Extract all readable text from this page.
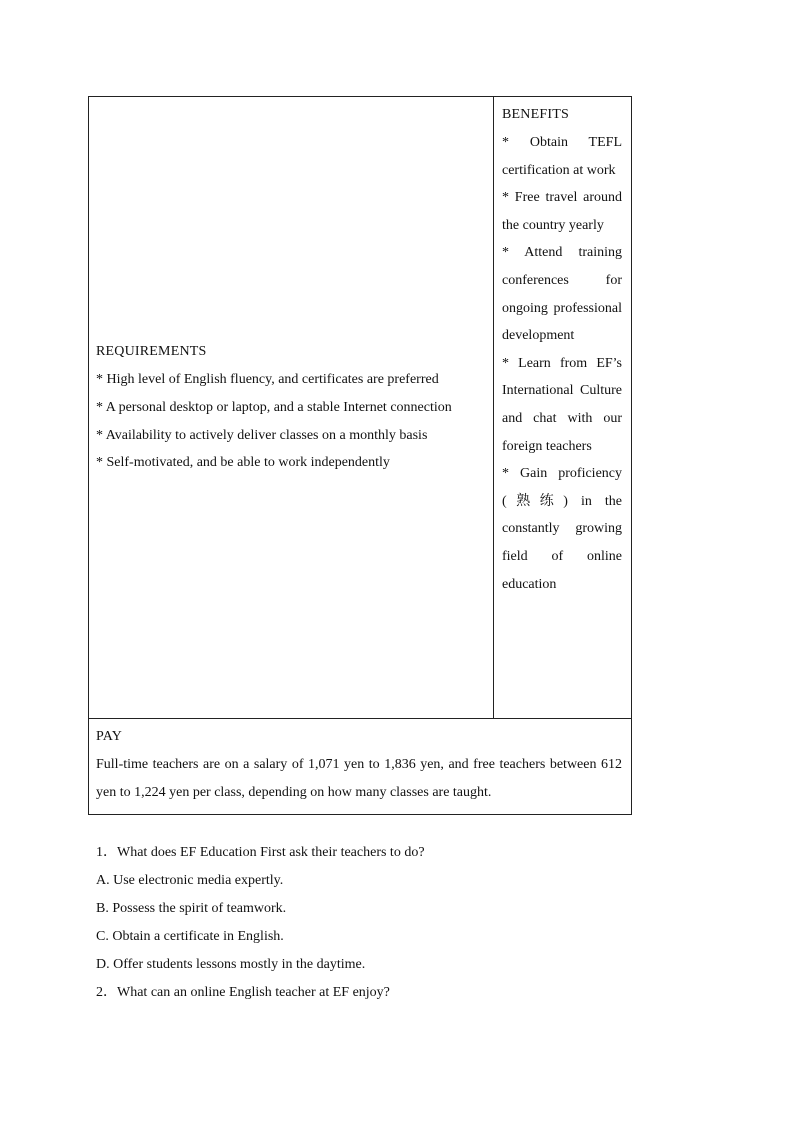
REQUIREMENTS

* High level of English fluency, and certificates are preferred

* A personal desktop or laptop, and a stable Internet connection

* Availability to actively deliver classes on a monthly basis

* Self-motivated, and be able to work independently

BENEFITS

* Obtain TEFL certification at work

* Free travel around the country yearly

* Attend training conferences for ongoing professional development

* Learn from EF’s International Culture and chat with our foreign teachers

* Gain proficiency (熟练) in the constantly growing field of online education

PAY

Full-time teachers are on a salary of 1,071 yen to 1,836 yen, and free teachers between 612 yen to 1,224 yen per class, depending on how many classes are taught.

1．What does EF Education First ask their teachers to do?

A. Use electronic media expertly.

B. Possess the spirit of teamwork.

C. Obtain a certificate in English.

D. Offer students lessons mostly in the daytime.

2．What can an online English teacher at EF enjoy?
